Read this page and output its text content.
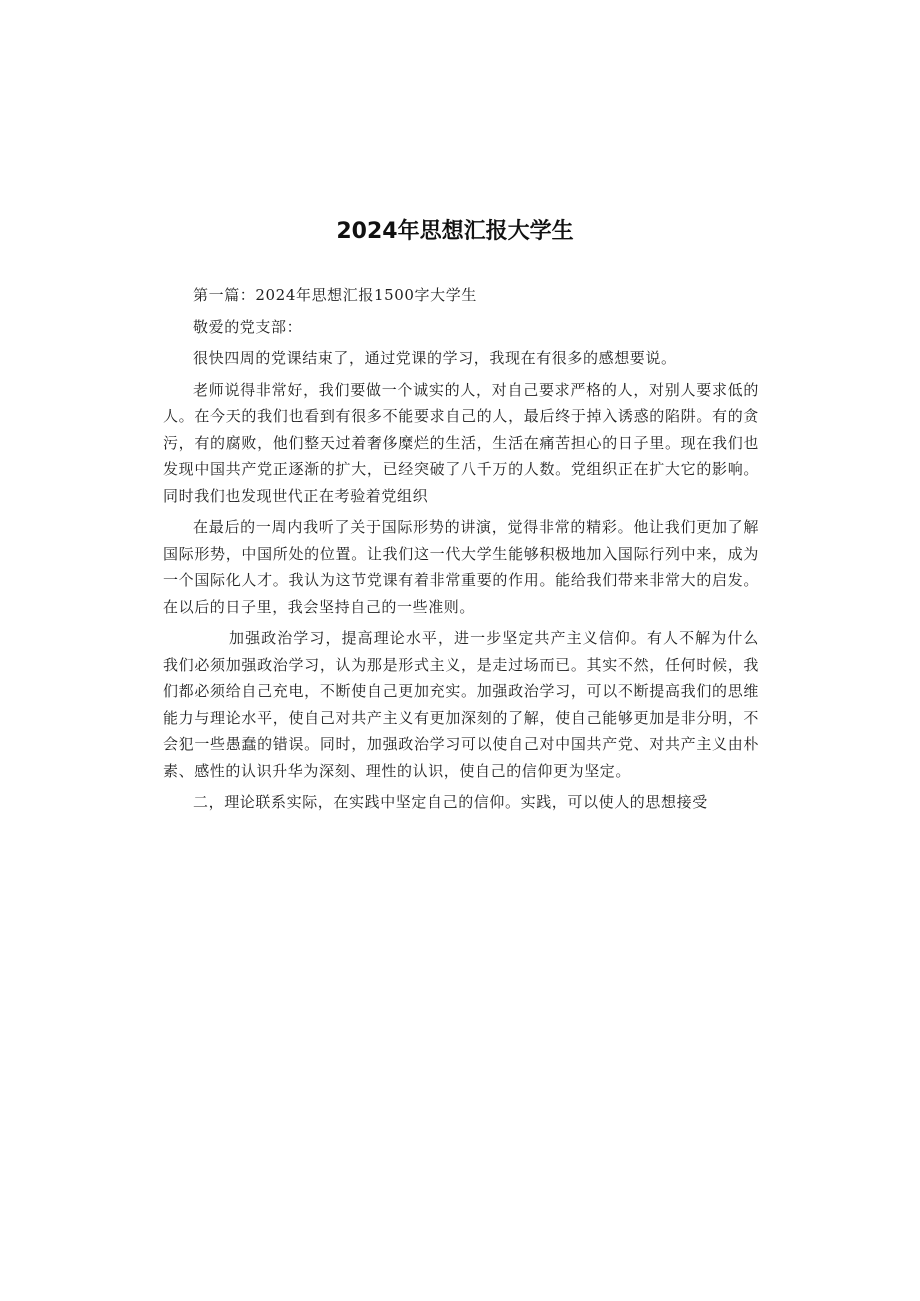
2024年思想汇报大学生

第一篇：2024年思想汇报1500字大学生

敬爱的党支部：

很快四周的党课结束了，通过党课的学习，我现在有很多的感想要说。

老师说得非常好，我们要做一个诚实的人，对自己要求严格的人，对别人要求低的人。在今天的我们也看到有很多不能要求自己的人，最后终于掉入诱惑的陷阱。有的贪污，有的腐败，他们整天过着奢侈糜烂的生活，生活在痛苦担心的日子里。现在我们也发现中国共产党正逐渐的扩大，已经突破了八千万的人数。党组织正在扩大它的影响。同时我们也发现世代正在考验着党组织

在最后的一周内我听了关于国际形势的讲演，觉得非常的精彩。他让我们更加了解国际形势，中国所处的位置。让我们这一代大学生能够积极地加入国际行列中来，成为一个国际化人才。我认为这节党课有着非常重要的作用。能给我们带来非常大的启发。在以后的日子里，我会坚持自己的一些准则。

加强政治学习，提高理论水平，进一步坚定共产主义信仰。有人不解为什么我们必须加强政治学习，认为那是形式主义，是走过场而已。其实不然，任何时候，我们都必须给自己充电，不断使自己更加充实。加强政治学习，可以不断提高我们的思维能力与理论水平，使自己对共产主义有更加深刻的了解，使自己能够更加是非分明，不会犯一些愚蠢的错误。同时，加强政治学习可以使自己对中国共产党、对共产主义由朴素、感性的认识升华为深刻、理性的认识，使自己的信仰更为坚定。

二，理论联系实际，在实践中坚定自己的信仰。实践，可以使人的思想接受
